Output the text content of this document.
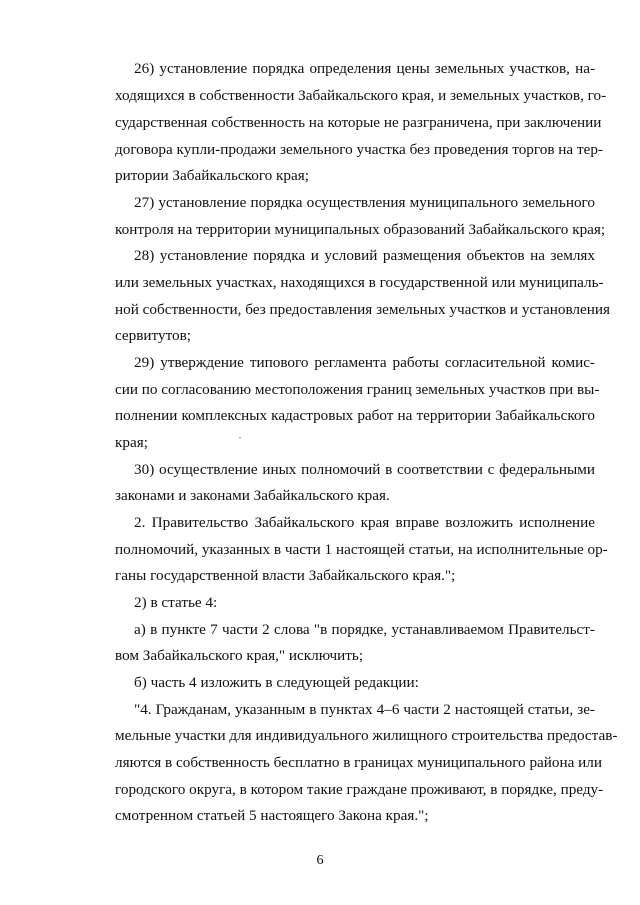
26) установление порядка определения цены земельных участков, на-
ходящихся в собственности Забайкальского края, и земельных участков, го-
сударственная собственность на которые не разграничена, при заключении
договора купли-продажи земельного участка без проведения торгов на тер-
ритории Забайкальского края;
27) установление порядка осуществления муниципального земельного
контроля на территории муниципальных образований Забайкальского края;
28) установление порядка и условий размещения объектов на землях
или земельных участках, находящихся в государственной или муниципаль-
ной собственности, без предоставления земельных участков и установления
сервитутов;
29) утверждение типового регламента работы согласительной комис-
сии по согласованию местоположения границ земельных участков при вы-
полнении комплексных кадастровых работ на территории Забайкальского
края;
30) осуществление иных полномочий в соответствии с федеральными
законами и законами Забайкальского края.
2. Правительство Забайкальского края вправе возложить исполнение
полномочий, указанных в части 1 настоящей статьи, на исполнительные ор-
ганы государственной власти Забайкальского края.";
2) в статье 4:
а) в пункте 7 части 2 слова "в порядке, устанавливаемом Правительст-
вом Забайкальского края," исключить;
б) часть 4 изложить в следующей редакции:
"4. Гражданам, указанным в пунктах 4–6 части 2 настоящей статьи, зе-
мельные участки для индивидуального жилищного строительства предостав-
ляются в собственность бесплатно в границах муниципального района или
городского округа, в котором такие граждане проживают, в порядке, преду-
смотренном статьей 5 настоящего Закона края.";
6
